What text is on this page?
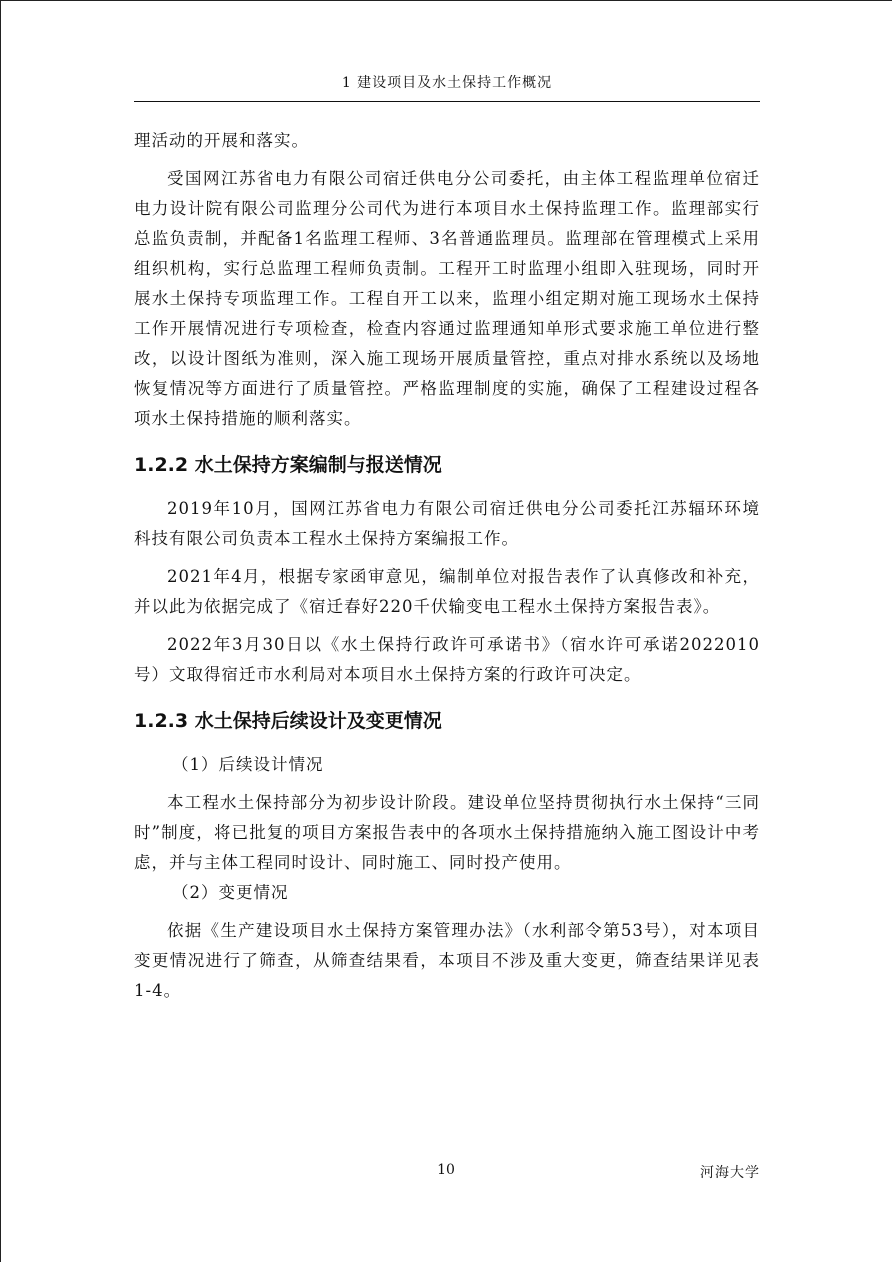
1 建设项目及水土保持工作概况

理活动的开展和落实。

受国网江苏省电力有限公司宿迁供电分公司委托，由主体工程监理单位宿迁电力设计院有限公司监理分公司代为进行本项目水土保持监理工作。监理部实行总监负责制，并配备1名监理工程师、3名普通监理员。监理部在管理模式上采用组织机构，实行总监理工程师负责制。工程开工时监理小组即入驻现场，同时开展水土保持专项监理工作。工程自开工以来，监理小组定期对施工现场水土保持工作开展情况进行专项检查，检查内容通过监理通知单形式要求施工单位进行整改，以设计图纸为准则，深入施工现场开展质量管控，重点对排水系统以及场地恢复情况等方面进行了质量管控。严格监理制度的实施，确保了工程建设过程各项水土保持措施的顺利落实。

1.2.2 水土保持方案编制与报送情况

2019年10月，国网江苏省电力有限公司宿迁供电分公司委托江苏辐环环境科技有限公司负责本工程水土保持方案编报工作。

2021年4月，根据专家函审意见，编制单位对报告表作了认真修改和补充，并以此为依据完成了《宿迁春好220千伏输变电工程水土保持方案报告表》。

2022年3月30日以《水土保持行政许可承诺书》（宿水许可承诺2022010号）文取得宿迁市水利局对本项目水土保持方案的行政许可决定。

1.2.3 水土保持后续设计及变更情况

（1）后续设计情况

本工程水土保持部分为初步设计阶段。建设单位坚持贯彻执行水土保持“三同时”制度，将已批复的项目方案报告表中的各项水土保持措施纳入施工图设计中考虑，并与主体工程同时设计、同时施工、同时投产使用。

（2）变更情况

依据《生产建设项目水土保持方案管理办法》（水利部令第53号），对本项目变更情况进行了筛查，从筛查结果看，本项目不涉及重大变更，筛查结果详见表1-4。

10	河海大学
